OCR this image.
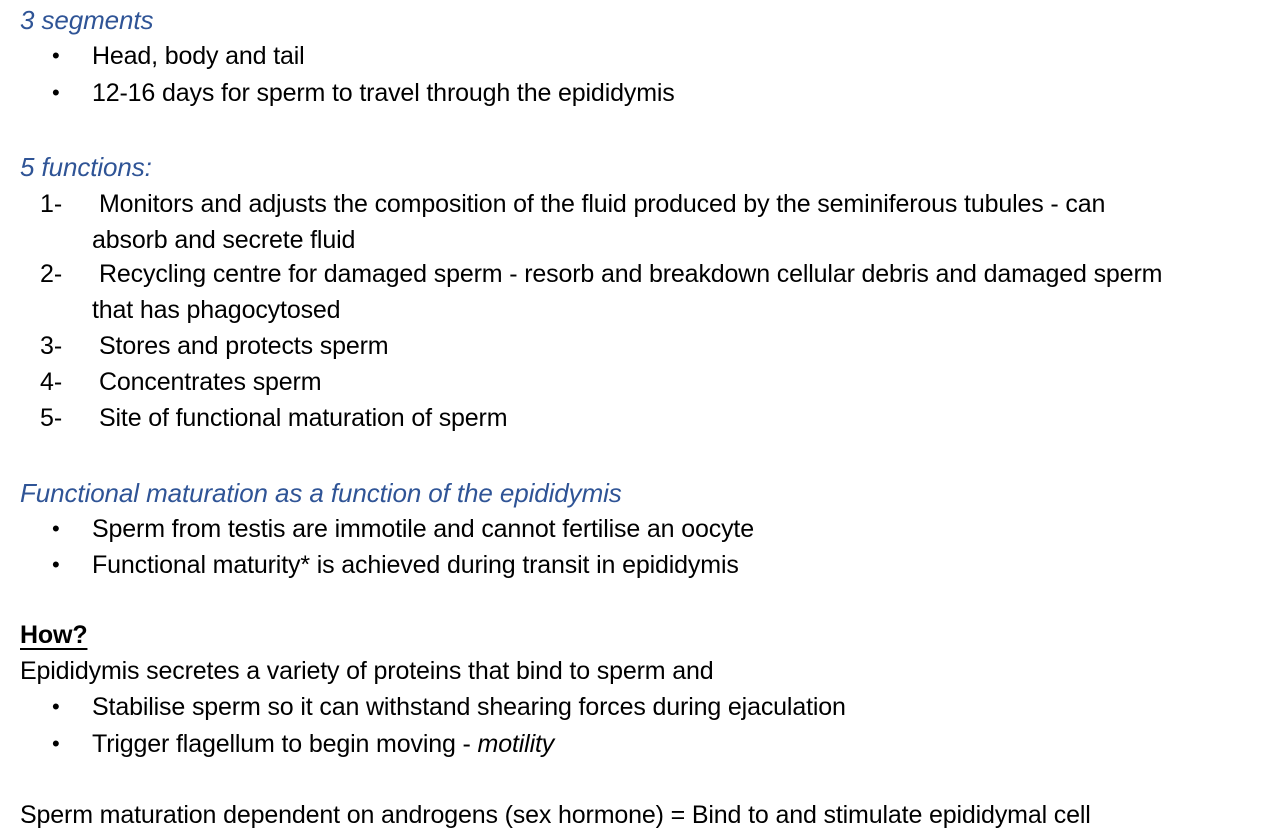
3 segments
• Head, body and tail
• 12-16 days for sperm to travel through the epididymis
5 functions:
1- Monitors and adjusts the composition of the fluid produced by the seminiferous tubules - can
absorb and secrete fluid
2- Recycling centre for damaged sperm - resorb and breakdown cellular debris and damaged sperm
that has phagocytosed
3- Stores and protects sperm
4- Concentrates sperm
5- Site of functional maturation of sperm
Functional maturation as a function of the epididymis
• Sperm from testis are immotile and cannot fertilise an oocyte
• Functional maturity* is achieved during transit in epididymis
How?
Epididymis secretes a variety of proteins that bind to sperm and
• Stabilise sperm so it can withstand shearing forces during ejaculation
• Trigger flagellum to begin moving - motility
Sperm maturation dependent on androgens (sex hormone) = Bind to and stimulate epididymal cell
